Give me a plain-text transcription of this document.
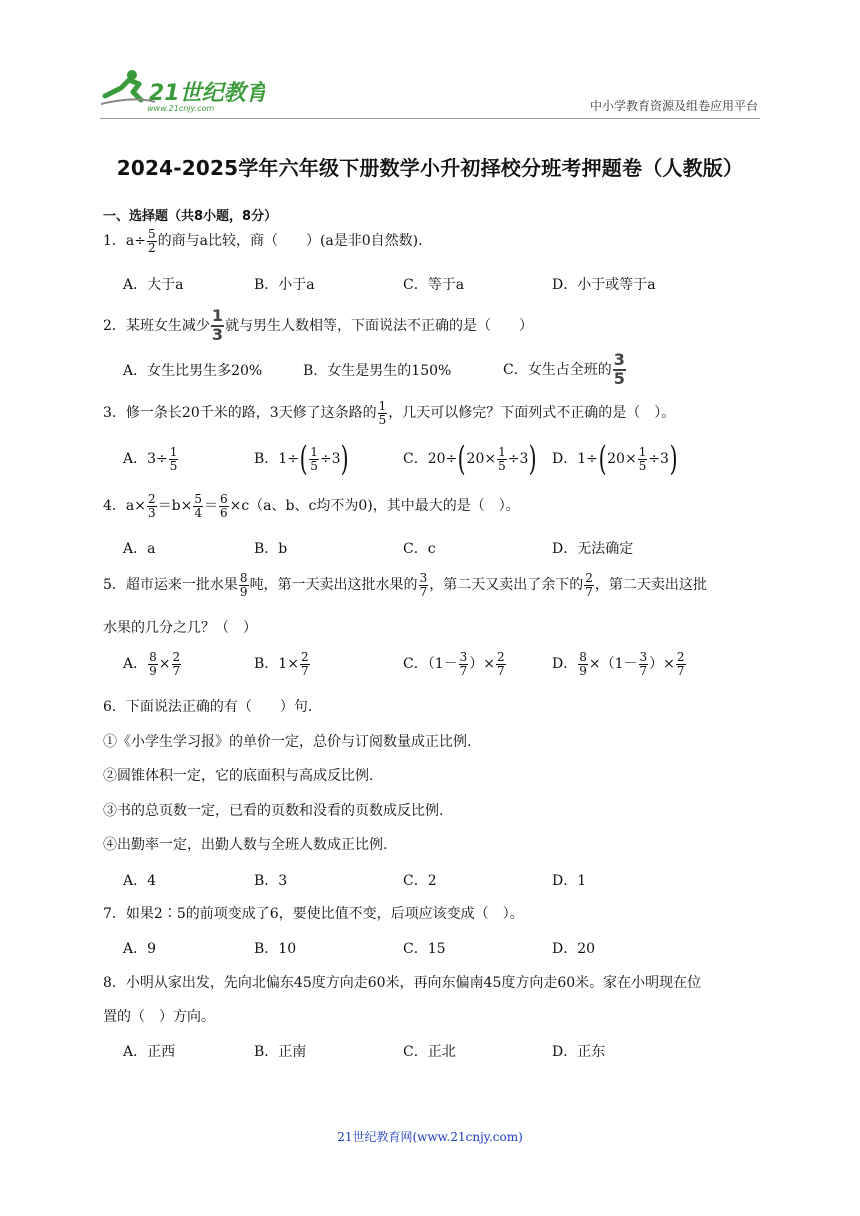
21世纪教育
www.21cnjy.com	中小学教育资源及组卷应用平台
2024-2025学年六年级下册数学小升初择校分班考押题卷（人教版）
一、选择题（共8小题，8分）
1．$a\div \frac{5}{2}$ 的商与a比较，商（　　）(a是非0自然数).
A．大于a	B．小于a	C．等于a	D．小于或等于a
2．某班女生减少 $\frac{1}{3}$ 就与男生人数相等，下面说法不正确的是（　　）
A．女生比男生多20%	B．女生是男生的150%	C．女生占全班的 $\frac{3}{5}$
3．修一条长20千米的路，3天修了这条路的 $\frac{1}{5}$ ，几天可以修完？下面列式不正确的是（　）。
A．$3\div \frac{1}{5}$	B．$1\div( \frac{1}{5} \div 3)$	C．$20\div(20\times \frac{1}{5} \div 3)$ D．$1\div(20\times \frac{1}{5} \div 3)$
4．$a\times \frac{2}{3} =b\times \frac{5}{4} = \frac{6}{6} \times c(a$、b、c均不为0)，其中最大的是（　）。
A．a	B．b	C．c	D．无法确定
5．超市运来一批水果 $\frac{8}{9}$ 吨，第一天卖出这批水果的 $\frac{3}{7}$ ，第二天又卖出了余下的 $\frac{2}{7}$ ，第二天卖出这批
水果的几分之几？（　）
A． $\frac{8}{9} \times \frac{2}{7}$	B．$1\times \frac{2}{7}$	C．（$1- \frac{3}{7}$ ）× $\frac{2}{7}$	D． $\frac{8}{9} \times(1- \frac{3}{7}$ ）× $\frac{2}{7}$
6．下面说法正确的有（　　）句.
①《小学生学习报》的单价一定，总价与订阅数量成正比例.
②圆锥体积一定，它的底面积与高成反比例.
③书的总页数一定，已看的页数和没看的页数成反比例.
④出勤率一定，出勤人数与全班人数成正比例.
A．4	B．3	C．2	D．1
7．如果2∶5的前项变成了6，要使比值不变，后项应该变成（　）。
A．9	B．10	C．15	D．20
8．小明从家出发，先向北偏东45度方向走60米，再向东偏南45度方向走60米。家在小明现在位
置的（　）方向。
A．正西	B．正南	C．正北	D．正东
21世纪教育网(www.21cnjy.com)
